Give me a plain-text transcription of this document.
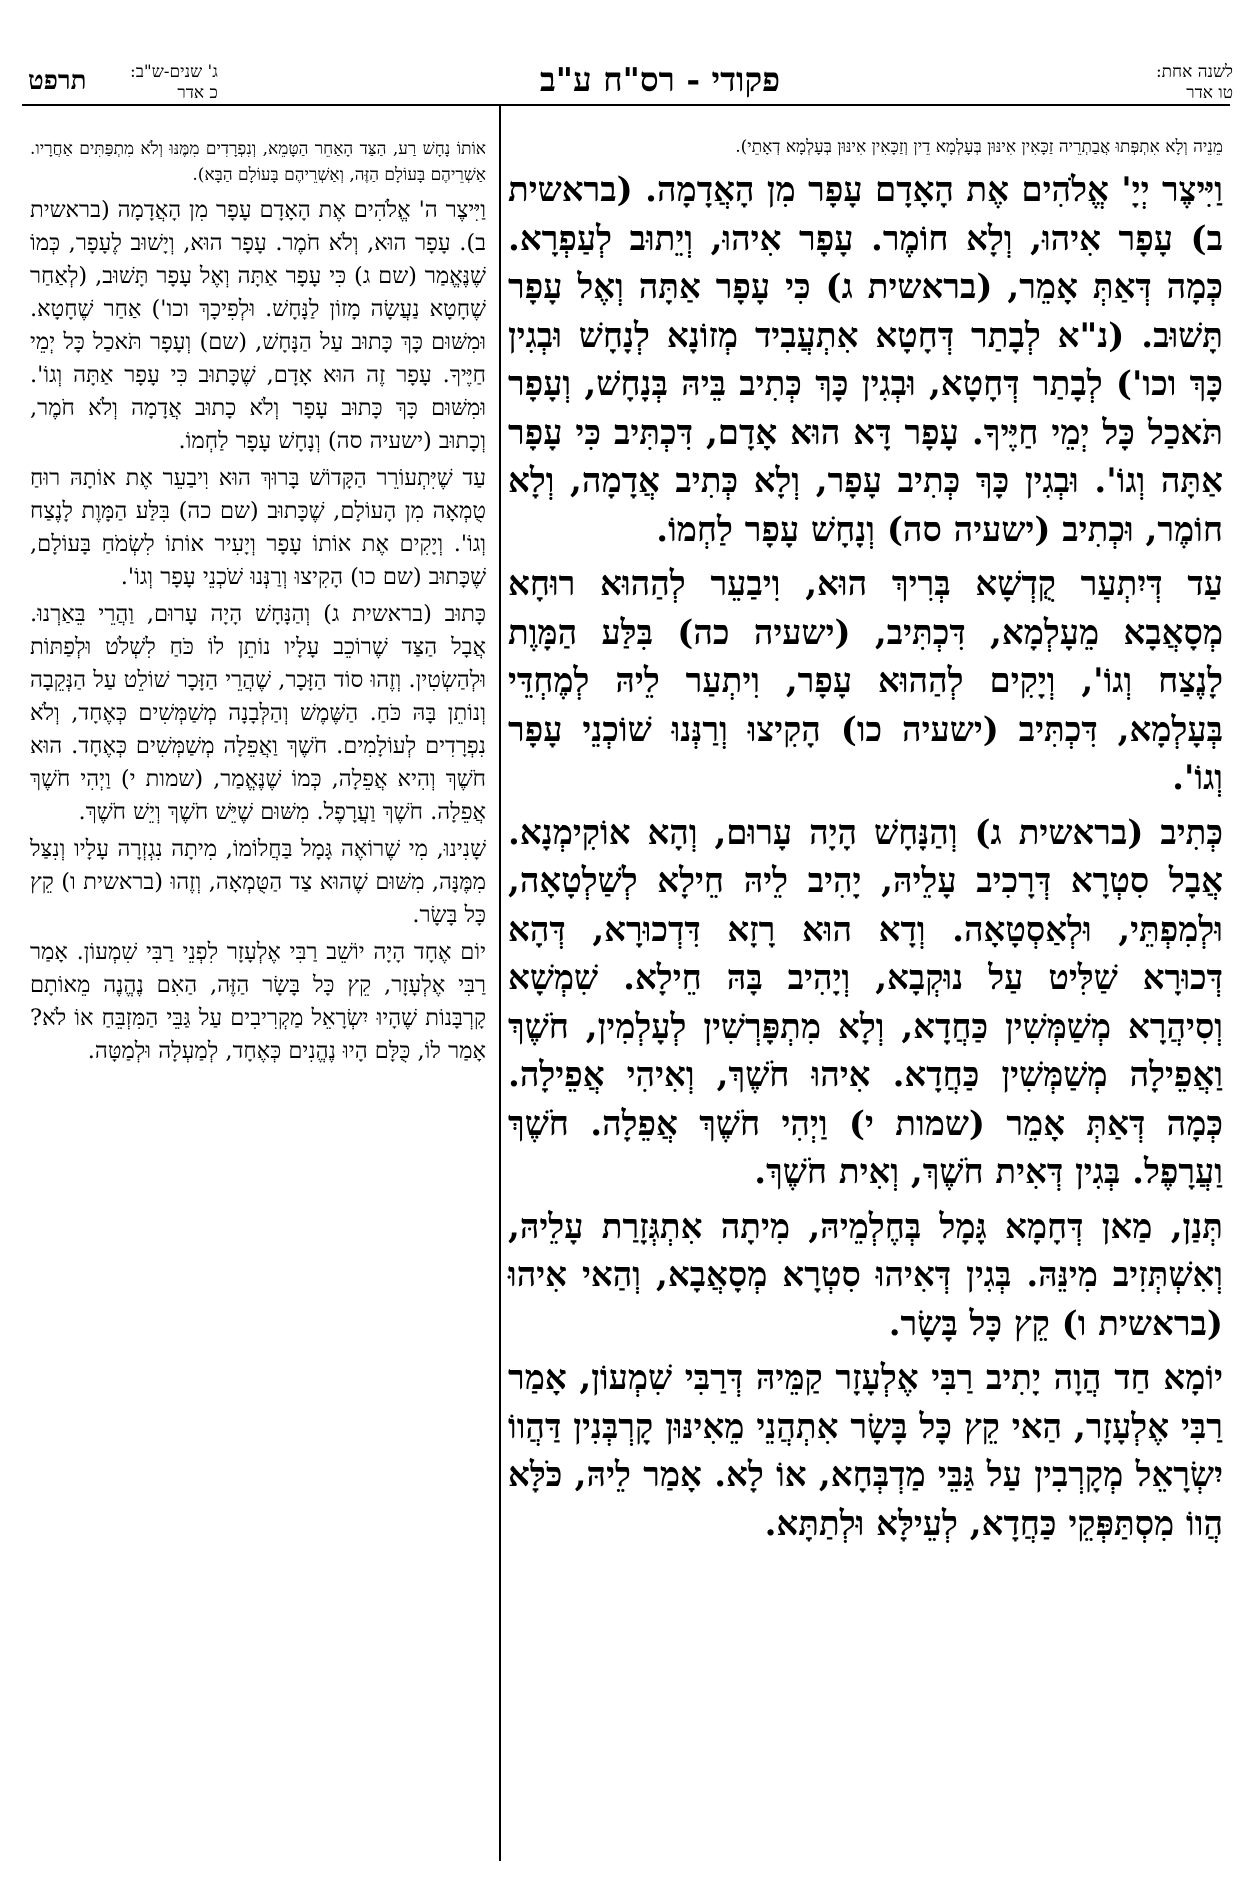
לשנה אחת:
טו אדר
פקודי - רס"ח ע"ב
ג' שנים-ש"ב:
כ אדר
תרפט
מֵנֵיה וְלָא אִתְפְּתוּ אֲבַתְרֵיה זַכָּאִין אִינּוּן בְּעָלְמָא דֵין וְזַכָּאִין אִינּוּן בְּעָלְמָא דְאָתֵי).

וַיִּיצֶר יְיָ' אֱלֹהִים אֶת הָאָדָם עָפָר מִן הָאֲדָמָה. (בראשית ב) עָפָר אִיהוּ, וְלָא חוֹמֶר. עָפָר אִיהוּ, וְיֵתוּב לְעַפְרָא. כְּמָה דְּאַתְּ אָמֵר, (בראשית ג) כִּי עָפָר אַתָּה וְאֶל עָפָר תָּשׁוּב. (נ"א לְבָתַר דְּחָטָא אִתְעֲבִיד מְזוֹנָא לְנָחָשׁ וּבְגִין כָּךְ וכו') לְבָתַר דְּחָטָא, וּבְגִין כָּךְ כְּתִיב בֵּיהּ בְּנָחָשׁ, וְעָפָר תֹּאכַל כָּל יְמֵי חַיֶּיךָ. עָפָר דָּא הוּא אָדָם, דִּכְתִּיב כִּי עָפָר אַתָּה וְגוֹ'. וּבְגִין כָּךְ כְּתִיב עָפָר, וְלָא כְּתִיב אֲדָמָה, וְלָא חוֹמֶר, וּכְתִיב (ישעיה סה) וְנָחָשׁ עָפָר לַחְמוֹ.

עַד דְּיִתְעַר קֻדְשָׁא בְּרִיךְ הוּא, וִיבַעֵר לְהַהוּא רוּחָא מְסָאֲבָא מֵעָלְמָא, דִּכְתִּיב, (ישעיה כה) בִּלַּע הַמָּוֶת לָנֶצַח וְגוֹ', וְיָקִים לְהַהוּא עָפָר, וִיתְעַר לֵיהּ לְמֶחְדֵּי בְּעָלְמָא, דִּכְתִּיב (ישעיה כו) הָקִיצוּ וְרַנְּנוּ שׁוֹכְנֵי עָפָר וְגוֹ'.

כְּתִיב (בראשית ג) וְהַנָּחָשׁ הָיָה עָרוּם, וְהָא אוֹקִימְנָא. אֲבָל סִטְרָא דְּרָכִיב עָלֵיהּ, יָהִיב לֵיהּ חֵילָא לְשַׁלְטָאָה, וּלְמִפְתֵּי, וּלְאַסְטָאָה. וְדָא הוּא רָזָא דִּדְכוּרָא, דְּהָא דְּכוּרָא שַׁלִּיט עַל נוּקְבָא, וְיָהִיב בָּהּ חֵילָא. שִׁמְשָׁא וְסִיהֲרָא מְשַׁמְּשִׁין כַּחֲדָא, וְלָא מִתְפָּרְשִׁין לְעָלְמִין, חֹשֶׁךְ וַאֲפֵילָה מְשַׁמְּשִׁין כַּחֲדָא. אִיהוּ חֹשֶׁךְ, וְאִיהִי אֲפֵילָה. כְּמָה דְּאַתְּ אָמֵר (שמות י) וַיְהִי חֹשֶׁךְ אֲפֵלָה. חֹשֶׁךְ וַעֲרָפֶל. בְּגִין דְּאִית חֹשֶׁךְ, וְאִית חֹשֶׁךְ.

תְּנַן, מַאן דְּחָמָא גָּמָל בְּחֶלְמֵיהּ, מִיתָה אִתְגְּזָרַת עָלֵיהּ, וְאִשְׁתְּזִיב מִינֵּהּ. בְּגִין דְּאִיהוּ סִטְרָא מְסָאֲבָא, וְהַאי אִיהוּ (בראשית ו) קֵץ כָּל בָּשָׂר.

יוֹמָא חַד הֲוָה יָתִיב רַבִּי אֶלְעָזָר קַמֵּיהּ דְּרַבִּי שִׁמְעוֹן, אָמַר רַבִּי אֶלְעָזָר, הַאי קֵץ כָּל בָּשָׂר אִתְהֲנֵי מֵאִינּוּן קָרְבְּנִין דַּהֲווֹ יִשְׂרָאֵל מְקָרְבִין עַל גַּבֵּי מַדְבְּחָא, אוֹ לָא. אָמַר לֵיהּ, כֹּלָּא הֲווֹ מִסְתַּפְּקֵי כַּחֲדָא, לְעֵילָּא וּלְתַתָּא.

אוֹתוֹ נָחָשׁ רַע, הַצַּד הָאַחֵר הַטָּמֵא, וְנִפְרָדִים מִמֶּנּוּ וְלֹא מִתְפַּתִּים אַחֲרָיו. אַשְׁרֵיהֶם בָּעוֹלָם הַזֶּה, וְאַשְׁרֵיהֶם בָּעוֹלָם הַבָּא).

וַיִּיצֶר ה' אֱלֹהִים אֶת הָאָדָם עָפָר מִן הָאֲדָמָה (בראשית ב). עָפָר הוּא, וְלֹא חֹמֶר. עָפָר הוּא, וְיָשׁוּב לֶעָפָר, כְּמוֹ שֶׁנֶּאֱמַר (שם ג) כִּי עָפָר אַתָּה וְאֶל עָפָר תָּשׁוּב, (לְאַחַר שֶׁחָטָא נַעֲשָׂה מָזוֹן לַנָּחָשׁ. וּלְפִיכָךְ וכו') אַחַר שֶׁחָטָא. וּמִשּׁוּם כָּךְ כָּתוּב עַל הַנָּחָשׁ, (שם) וְעָפָר תֹּאכַל כָּל יְמֵי חַיֶּיךָ. עָפָר זֶה הוּא אָדָם, שֶׁכָּתוּב כִּי עָפָר אַתָּה וְגוֹ'. וּמִשּׁוּם כָּךְ כָּתוּב עָפָר וְלֹא כָתוּב אֲדָמָה וְלֹא חֹמֶר, וְכָתוּב (ישעיה סה) וְנָחָשׁ עָפָר לַחְמוֹ.

עַד שֶׁיִּתְעוֹרֵר הַקָּדוֹשׁ בָּרוּךְ הוּא וִיבַעֵר אֶת אוֹתָהּ רוּחַ טֻמְאָה מִן הָעוֹלָם, שֶׁכָּתוּב (שם כה) בִּלַּע הַמָּוֶת לָנֶצַח וְגוֹ'. וְיָקִים אֶת אוֹתוֹ עָפָר וְיָעִיר אוֹתוֹ לִשְׂמֹחַ בָּעוֹלָם, שֶׁכָּתוּב (שם כו) הָקִיצוּ וְרַנְּנוּ שֹׁכְנֵי עָפָר וְגוֹ'.

כָּתוּב (בראשית ג) וְהַנָּחָשׁ הָיָה עָרוּם, וַהֲרֵי בֵּאַרְנוּ. אֲבָל הַצַּד שֶׁרוֹכֵב עָלָיו נוֹתֵן לוֹ כֹּחַ לִשְׁלֹט וּלְפַתּוֹת וּלְהַשְׂטִין. וְזֶהוּ סוֹד הַזָּכָר, שֶׁהֲרֵי הַזָּכָר שׁוֹלֵט עַל הַנְּקֵבָה וְנוֹתֵן בָּהּ כֹּחַ. הַשֶּׁמֶשׁ וְהַלְּבָנָה מְשַׁמְּשִׁים כְּאֶחָד, וְלֹא נִפְרָדִים לְעוֹלָמִים. חֹשֶׁךְ וַאֲפֵלָה מְשַׁמְּשִׁים כְּאֶחָד. הוּא חֹשֶׁךְ וְהִיא אֲפֵלָה, כְּמוֹ שֶׁנֶּאֱמַר, (שמות י) וַיְהִי חֹשֶׁךְ אֲפֵלָה. חֹשֶׁךְ וַעֲרָפֶל. מִשּׁוּם שֶׁיֵּשׁ חֹשֶׁךְ וְיֵשׁ חֹשֶׁךְ.

שָׁנִינוּ, מִי שֶׁרוֹאֶה גָּמָל בַּחֲלוֹמוֹ, מִיתָה נִגְזְרָה עָלָיו וְנִצַּל מִמֶּנָּה, מִשּׁוּם שֶׁהוּא צַד הַטֻּמְאָה, וְזֶהוּ (בראשית ו) קֵץ כָּל בָּשָׂר.

יוֹם אֶחָד הָיָה יוֹשֵׁב רַבִּי אֶלְעָזָר לִפְנֵי רַבִּי שִׁמְעוֹן. אָמַר רַבִּי אֶלְעָזָר, קֵץ כָּל בָּשָׂר הַזֶּה, הַאִם נֶהֱנֶה מֵאוֹתָם קָרְבָּנוֹת שֶׁהָיוּ יִשְׂרָאֵל מַקְרִיבִים עַל גַּבֵּי הַמִּזְבֵּחַ אוֹ לֹא? אָמַר לוֹ, כֻּלָּם הָיוּ נֶהֱנִים כְּאֶחָד, לְמַעְלָה וּלְמַטָּה.
